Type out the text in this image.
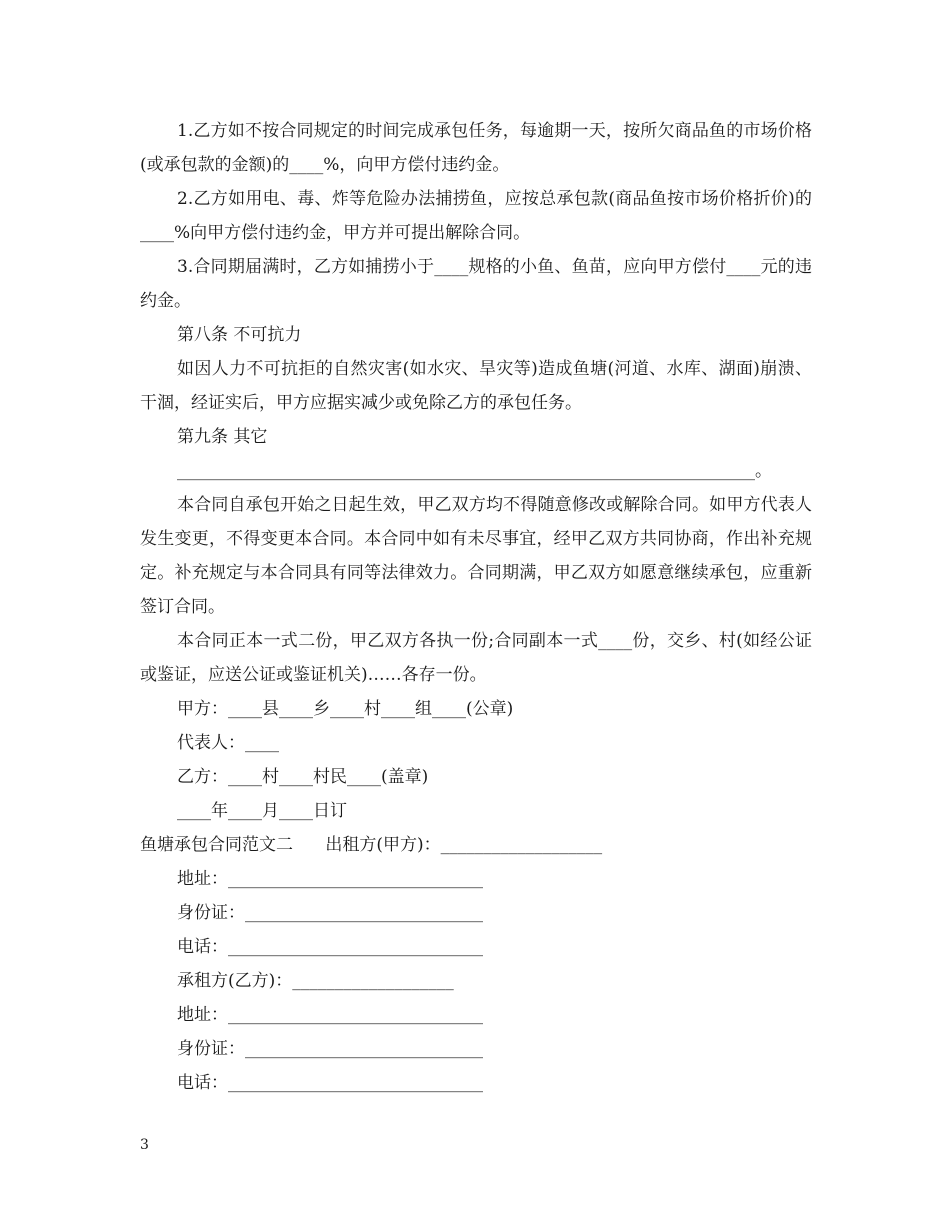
1.乙方如不按合同规定的时间完成承包任务，每逾期一天，按所欠商品鱼的市场价格(或承包款的金额)的____%，向甲方偿付违约金。

2.乙方如用电、毒、炸等危险办法捕捞鱼，应按总承包款(商品鱼按市场价格折价)的____%向甲方偿付违约金，甲方并可提出解除合同。

3.合同期届满时，乙方如捕捞小于____规格的小鱼、鱼苗，应向甲方偿付____元的违约金。

第八条 不可抗力

如因人力不可抗拒的自然灾害(如水灾、旱灾等)造成鱼塘(河道、水库、湖面)崩溃、干涸，经证实后，甲方应据实减少或免除乙方的承包任务。

第九条 其它

____________________________________________________________________。

本合同自承包开始之日起生效，甲乙双方均不得随意修改或解除合同。如甲方代表人发生变更，不得变更本合同。本合同中如有未尽事宜，经甲乙双方共同协商，作出补充规定。补充规定与本合同具有同等法律效力。合同期满，甲乙双方如愿意继续承包，应重新签订合同。

本合同正本一式二份，甲乙双方各执一份;合同副本一式____份，交乡、村(如经公证或鉴证，应送公证或鉴证机关)……各存一份。

甲方：____县____乡____村____组____(公章)

代表人：____

乙方：____村____村民____(盖章)

____年____月____日订

鱼塘承包合同范文二      出租方(甲方)：___________________

地址：______________________________

身份证：____________________________

电话：______________________________

承租方(乙方)：___________________

地址：______________________________

身份证：____________________________

电话：______________________________

3
